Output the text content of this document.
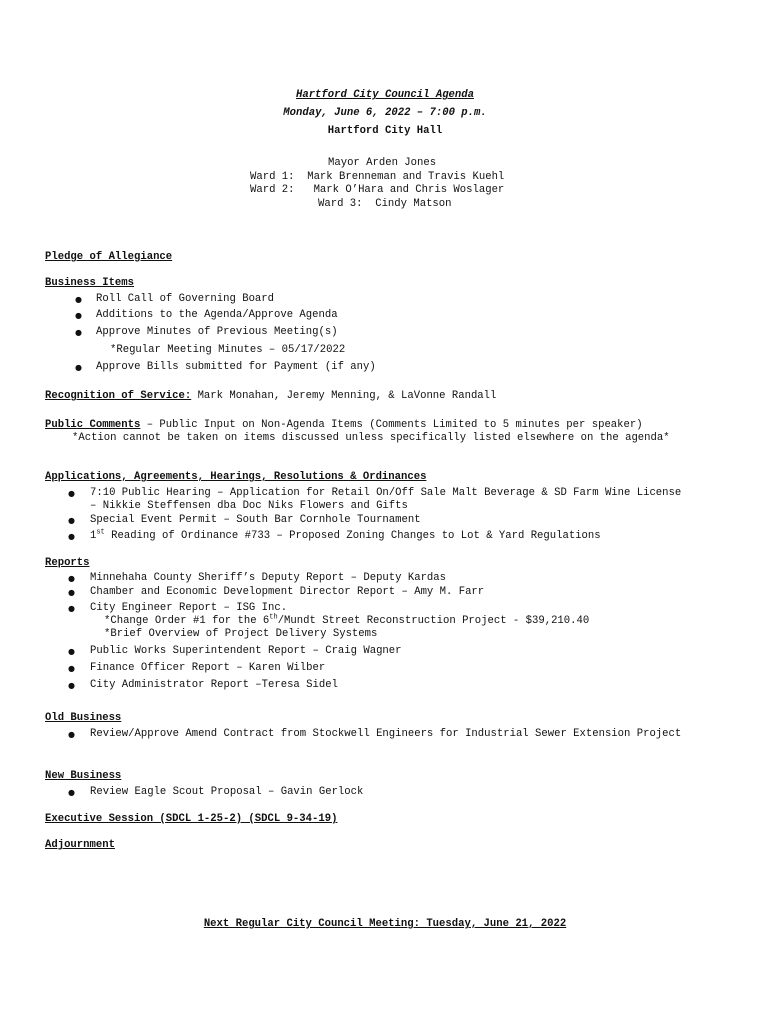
Hartford City Council Agenda
Monday, June 6, 2022 – 7:00 p.m.
Hartford City Hall
Mayor Arden Jones
Ward 1:  Mark Brenneman and Travis Kuehl
Ward 2:   Mark O’Hara and Chris Woslager
Ward 3:  Cindy Matson
Pledge of Allegiance
Business Items
● Roll Call of Governing Board
● Additions to the Agenda/Approve Agenda
● Approve Minutes of Previous Meeting(s)
*Regular Meeting Minutes – 05/17/2022
● Approve Bills submitted for Payment (if any)
Recognition of Service: Mark Monahan, Jeremy Menning, & LaVonne Randall
Public Comments – Public Input on Non-Agenda Items (Comments Limited to 5 minutes per speaker)
*Action cannot be taken on items discussed unless specifically listed elsewhere on the agenda*
Applications, Agreements, Hearings, Resolutions & Ordinances
● 7:10 Public Hearing – Application for Retail On/Off Sale Malt Beverage & SD Farm Wine License
– Nikkie Steffensen dba Doc Niks Flowers and Gifts
● Special Event Permit – South Bar Cornhole Tournament
● 1st Reading of Ordinance #733 – Proposed Zoning Changes to Lot & Yard Regulations
Reports
● Minnehaha County Sheriff’s Deputy Report – Deputy Kardas
● Chamber and Economic Development Director Report – Amy M. Farr
● City Engineer Report – ISG Inc.
*Change Order #1 for the 6th/Mundt Street Reconstruction Project - $39,210.40
*Brief Overview of Project Delivery Systems
● Public Works Superintendent Report – Craig Wagner
● Finance Officer Report – Karen Wilber
● City Administrator Report –Teresa Sidel
Old Business
● Review/Approve Amend Contract from Stockwell Engineers for Industrial Sewer Extension Project
New Business
● Review Eagle Scout Proposal – Gavin Gerlock
Executive Session (SDCL 1-25-2) (SDCL 9-34-19)
Adjournment
Next Regular City Council Meeting: Tuesday, June 21, 2022
